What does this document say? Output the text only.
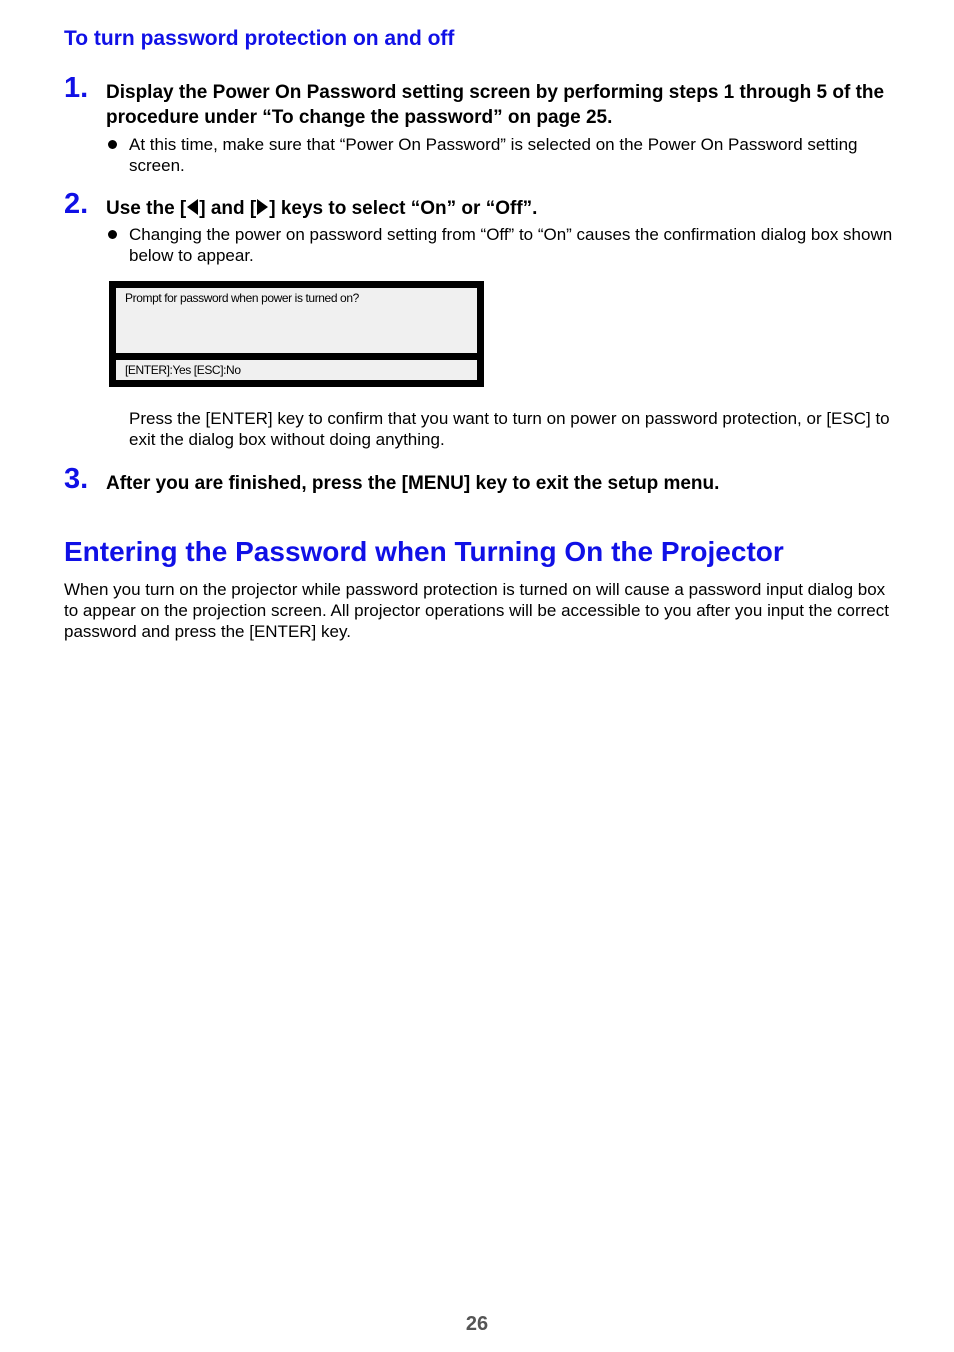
To turn password protection on and off
1. Display the Power On Password setting screen by performing steps 1 through 5 of the procedure under “To change the password” on page 25.
At this time, make sure that “Power On Password” is selected on the Power On Password setting screen.
2. Use the [ ] and [ ] keys to select “On” or “Off”.
Changing the power on password setting from “Off” to “On” causes the confirmation dialog box shown below to appear.
Prompt for password when power is turned on?
[ENTER]:Yes [ESC]:No
Press the [ENTER] key to confirm that you want to turn on power on password protection, or [ESC] to exit the dialog box without doing anything.
3. After you are finished, press the [MENU] key to exit the setup menu.
Entering the Password when Turning On the Projector
When you turn on the projector while password protection is turned on will cause a password input dialog box to appear on the projection screen. All projector operations will be accessible to you after you input the correct password and press the [ENTER] key.
26
